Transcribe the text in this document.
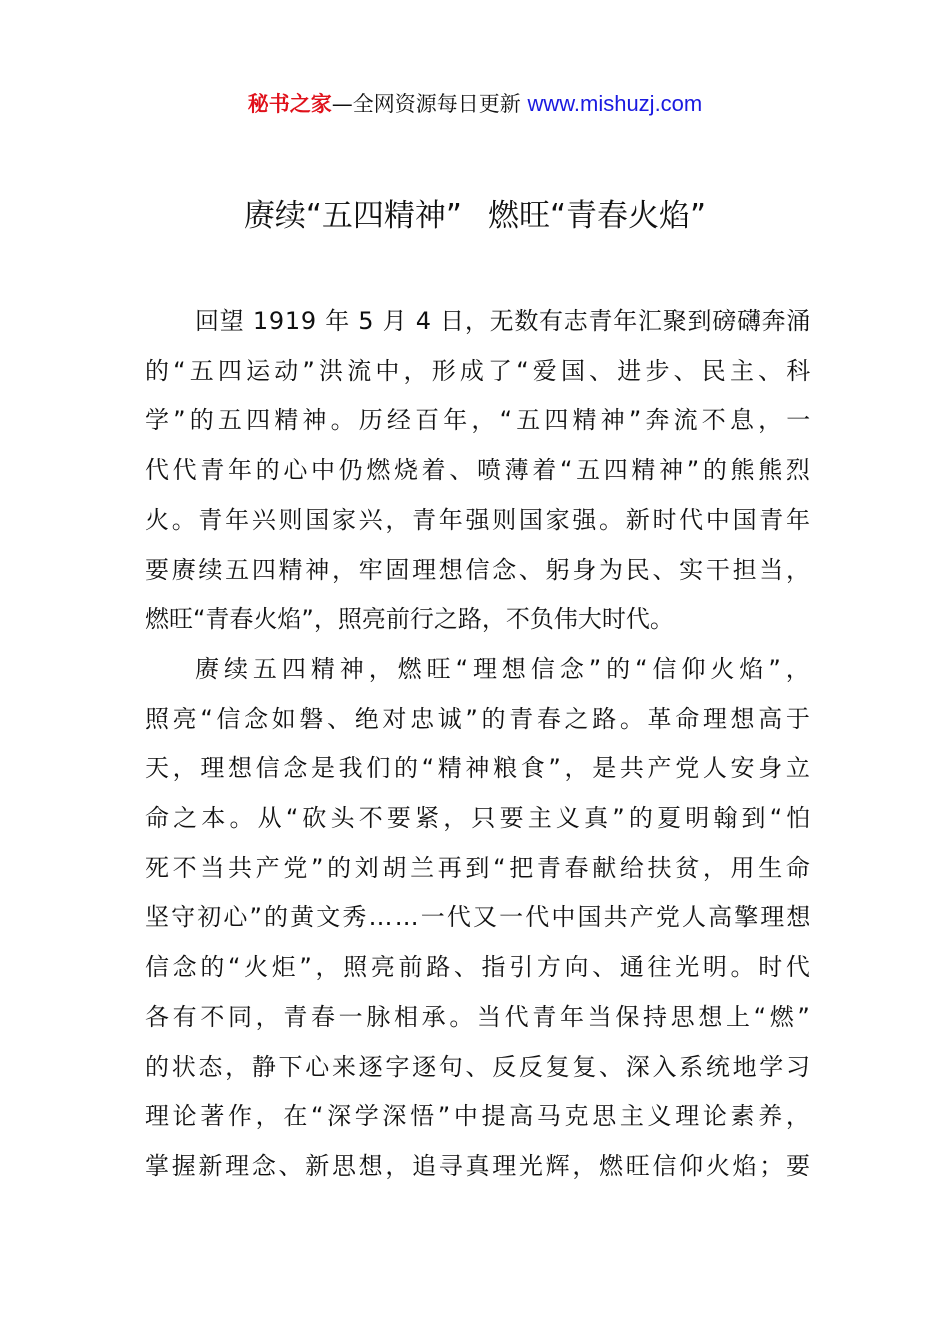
秘书之家—全网资源每日更新 www.mishuzj.com
赓续“五四精神” 燃旺“青春火焰”
回望 1919 年 5 月 4 日，无数有志青年汇聚到磅礴奔涌
的“五四运动”洪流中，形成了“爱国、进步、民主、科
学”的五四精神。历经百年，“五四精神”奔流不息，一
代代青年的心中仍燃烧着、喷薄着“五四精神”的熊熊烈
火。青年兴则国家兴，青年强则国家强。新时代中国青年
要赓续五四精神，牢固理想信念、躬身为民、实干担当，
燃旺“青春火焰”，照亮前行之路，不负伟大时代。
赓续五四精神，燃旺“理想信念”的“信仰火焰”，
照亮“信念如磐、绝对忠诚”的青春之路。革命理想高于
天，理想信念是我们的“精神粮食”，是共产党人安身立
命之本。从“砍头不要紧，只要主义真”的夏明翰到“怕
死不当共产党”的刘胡兰再到“把青春献给扶贫，用生命
坚守初心”的黄文秀……一代又一代中国共产党人高擎理想
信念的“火炬”，照亮前路、指引方向、通往光明。时代
各有不同，青春一脉相承。当代青年当保持思想上“燃”
的状态，静下心来逐字逐句、反反复复、深入系统地学习
理论著作，在“深学深悟”中提高马克思主义理论素养，
掌握新理念、新思想，追寻真理光辉，燃旺信仰火焰；要
